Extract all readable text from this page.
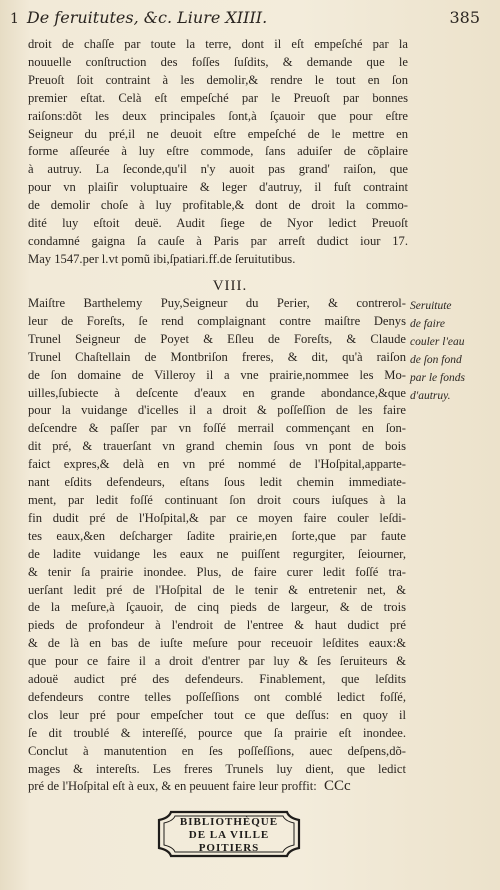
1 De feruitutes, &c. Liure XIIII.	385
droit de chaſſe par toute la terre, dont il eſt empeſché par la
nouuelle conſtruction des foſſes ſuſdits, & demande que le
Preuoſt ſoit contraint à les demolir,& rendre le tout en ſon
premier eſtat. Celà eſt empeſché par le Preuoſt par bonnes
raiſons:dõt les deux principales ſont,à ſçauoir que pour eſtre
Seigneur du pré,il ne deuoit eſtre empeſché de le mettre en
forme aſſeurée à luy eſtre commode, ſans aduiſer de cõplaire
à autruy. La ſeconde,qu'il n'y auoit pas grand' raiſon, que
pour vn plaiſir voluptuaire & leger d'autruy, il fuſt contraint
de demolir choſe à luy profitable,& dont de droit la commo-
dité luy eſtoit deuë. Audit ſiege de Nyor ledict Preuoſt
condamné gaigna ſa cauſe à Paris par arreſt dudict iour 17.
May 1547.per l.vt pomũ ibi,ſpatiari.ff.de ſeruitutibus.
VIII.
Maiſtre Barthelemy Puy,Seigneur du Perier, & contrerol-
leur de Foreſts, ſe rend complaignant contre maiſtre Denys
Trunel Seigneur de Poyet & Eſleu de Foreſts, & Claude
Trunel Chaſtellain de Montbriſon freres, & dit, qu'à raiſon
de ſon domaine de Villeroy il a vne prairie,nommee les Mo-
uilles,ſubiecte à deſcente d'eaux en grande abondance,&que
pour la vuidange d'icelles il a droit & poſſeſſion de les faire
deſcendre & paſſer par vn foſſé merrail commençant en ſon-
dit pré, & trauerſant vn grand chemin ſous vn pont de bois
faict expres,& delà en vn pré nommé de l'Hoſpital,apparte-
nant eſdits defendeurs, eſtans ſous ledit chemin immediate-
ment, par ledit foſſé continuant ſon droit cours iuſques à la
fin dudit pré de l'Hoſpital,& par ce moyen faire couler leſdi-
tes eaux,&en deſcharger ſadite prairie,en ſorte,que par faute
de ladite vuidange les eaux ne puiſſent regurgiter, ſeiourner,
& tenir ſa prairie inondee. Plus, de faire curer ledit foſſé tra-
uerſant ledit pré de l'Hoſpital de le tenir & entretenir net, &
de la meſure,à ſçauoir, de cinq pieds de largeur, & de trois
pieds de profondeur à l'endroit de l'entree & haut dudict pré
& de là en bas de iuſte meſure pour receuoir leſdites eaux:&
que pour ce faire il a droit d'entrer par luy & ſes ſeruiteurs &
adouë audict pré des defendeurs. Finablement, que leſdits
defendeurs contre telles poſſeſſions ont comblé ledict foſſé,
clos leur pré pour empeſcher tout ce que deſſus: en quoy il
ſe dit troublé & intereſſé, pource que ſa prairie eſt inondee.
Conclut à manutention en ſes poſſeſſions, auec deſpens,dõ-
mages & intereſts. Les freres Trunels luy dient, que ledict
pré de l'Hoſpital eſt à eux, & en peuuent faire leur proffit:
Seruitute
de faire
couler l'eau
de ſon fond
par le fonds
d'autruy.
CCc
BIBLIOTHÈQUE
DE LA VILLE
POITIERS
